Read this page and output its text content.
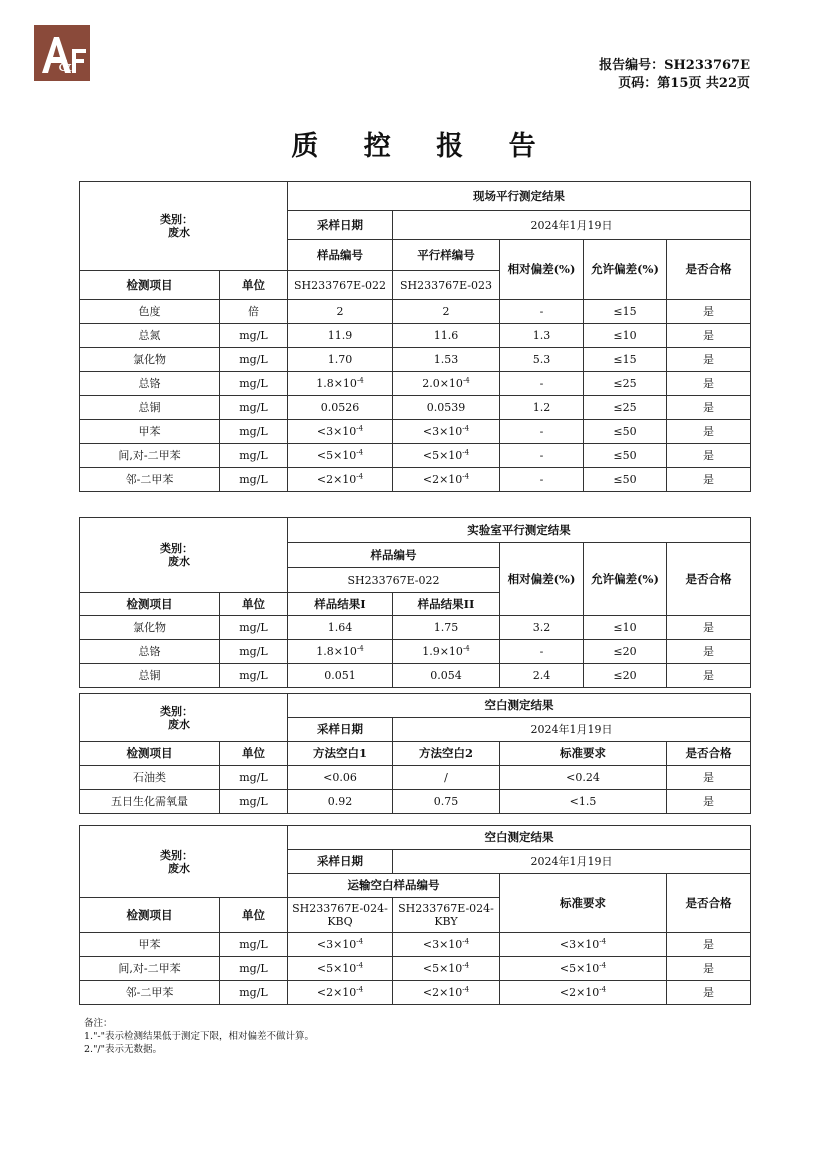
&	报告编号：SH233767E
页码：第15页 共22页
质 控 报 告
类别：
废水		现场平行测定结果				
		采样日期	2024年1月19日			
		样品编号	平行样编号	相对偏差(%)	允许偏差(%)	是否合格
检测项目	单位	SH233767E-022	SH233767E-023			
色度	倍	2	2	-	≤15	是
总氮	mg/L	11.9	11.6	1.3	≤10	是
氯化物	mg/L	1.70	1.53	5.3	≤15	是
总铬	mg/L	$1.8\times 10^{-4}$	$2.0\times 10^{-4}$	-	≤25	是
总铜	mg/L	0.0526	0.0539	1.2	≤25	是
甲苯	mg/L	$<3\times 10^{-4}$	$<3\times 10^{-4}$	-	≤50	是
间,对-二甲苯	mg/L	$<5\times 10^{-4}$	$<5\times 10^{-4}$	-	≤50	是
邻-二甲苯	mg/L	$<2\times 10^{-4}$	$<2\times 10^{-4}$	-	≤50	是
类别：
废水		实验室平行测定结果				
		样品编号		相对偏差(%)	允许偏差(%)	是否合格
		SH233767E-022				
检测项目	单位	样品结果I	样品结果II			
氯化物	mg/L	1.64	1.75	3.2	≤10	是
总铬	mg/L	$1.8\times 10^{-4}$	$1.9\times 10^{-4}$	-	≤20	是
总铜	mg/L	0.051	0.054	2.4	≤20	是
类别：
废水		空白测定结果			
		采样日期	2024年1月19日		
检测项目	单位	方法空白1	方法空白2	标准要求	是否合格
石油类	mg/L	<0.06	/	<0.24	是
五日生化需氧量	mg/L	0.92	0.75	<1.5	是
类别：
废水		空白测定结果			
		采样日期	2024年1月19日		
		运输空白样品编号		标准要求	是否合格
检测项目	单位	SH233767E-024-KBQ	SH233767E-024-KBY		
甲苯	mg/L	$<3\times 10^{-4}$	$<3\times 10^{-4}$	$<3\times 10^{-4}$	是
间,对-二甲苯	mg/L	$<5\times 10^{-4}$	$<5\times 10^{-4}$	$<5\times 10^{-4}$	是
邻-二甲苯	mg/L	$<2\times 10^{-4}$	$<2\times 10^{-4}$	$<2\times 10^{-4}$	是
备注：
1."-"表示检测结果低于测定下限，相对偏差不做计算。
2."/"表示无数据。
